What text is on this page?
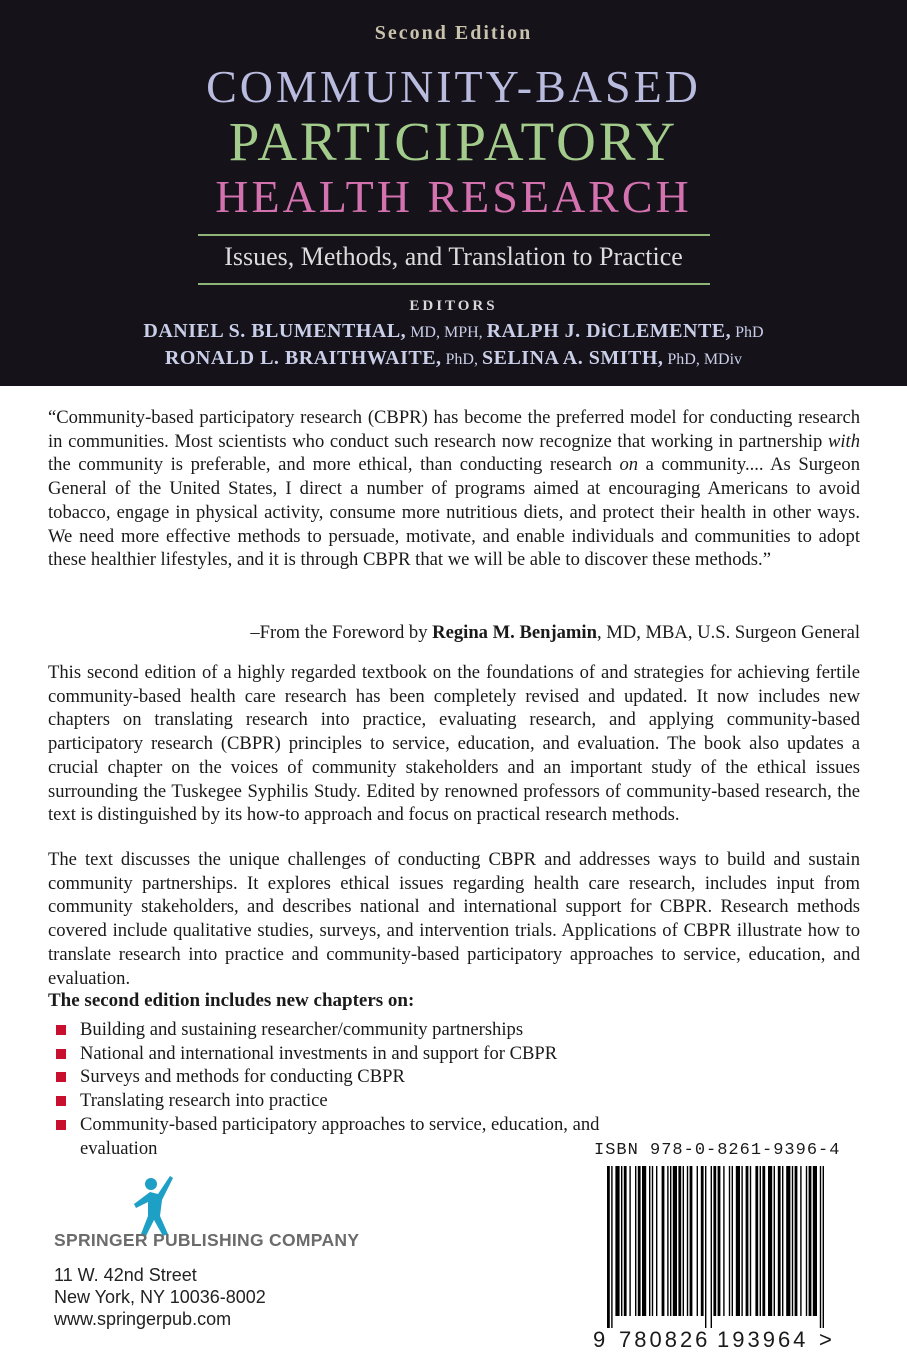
Second Edition
COMMUNITY-BASED
PARTICIPATORY
HEALTH RESEARCH
Issues, Methods, and Translation to Practice
EDITORS
DANIEL S. BLUMENTHAL, MD, MPH, RALPH J. DiCLEMENTE, PhD
RONALD L. BRAITHWAITE, PhD, SELINA A. SMITH, PhD, MDiv

“Community-based participatory research (CBPR) has become the preferred model for conducting research in communities. Most scientists who conduct such research now recognize that working in partnership with the community is preferable, and more ethical, than conducting research on a community.... As Surgeon General of the United States, I direct a number of programs aimed at encouraging Americans to avoid tobacco, engage in physical activity, consume more nutritious diets, and protect their health in other ways. We need more effective methods to persuade, motivate, and enable individuals and communities to adopt these healthier lifestyles, and it is through CBPR that we will be able to discover these methods.”

–From the Foreword by Regina M. Benjamin, MD, MBA, U.S. Surgeon General

This second edition of a highly regarded textbook on the foundations of and strategies for achieving fertile community-based health care research has been completely revised and updated. It now includes new chapters on translating research into practice, evaluating research, and applying community-based participatory research (CBPR) principles to service, education, and evaluation. The book also updates a crucial chapter on the voices of community stakeholders and an important study of the ethical issues surrounding the Tuskegee Syphilis Study. Edited by renowned professors of community-based research, the text is distinguished by its how-to approach and focus on practical research methods.

The text discusses the unique challenges of conducting CBPR and addresses ways to build and sustain community partnerships. It explores ethical issues regarding health care research, includes input from community stakeholders, and describes national and international support for CBPR. Research methods covered include qualitative studies, surveys, and intervention trials. Applications of CBPR illustrate how to translate research into practice and community-based participatory approaches to service, education, and evaluation.

The second edition includes new chapters on:
Building and sustaining researcher/community partnerships
National and international investments in and support for CBPR
Surveys and methods for conducting CBPR
Translating research into practice
Community-based participatory approaches to service, education, and evaluation
SPRINGER PUBLISHING COMPANY
11 W. 42nd Street
New York, NY 10036-8002
www.springerpub.com
ISBN 978-0-8261-9396-4
9 780826 193964 >
